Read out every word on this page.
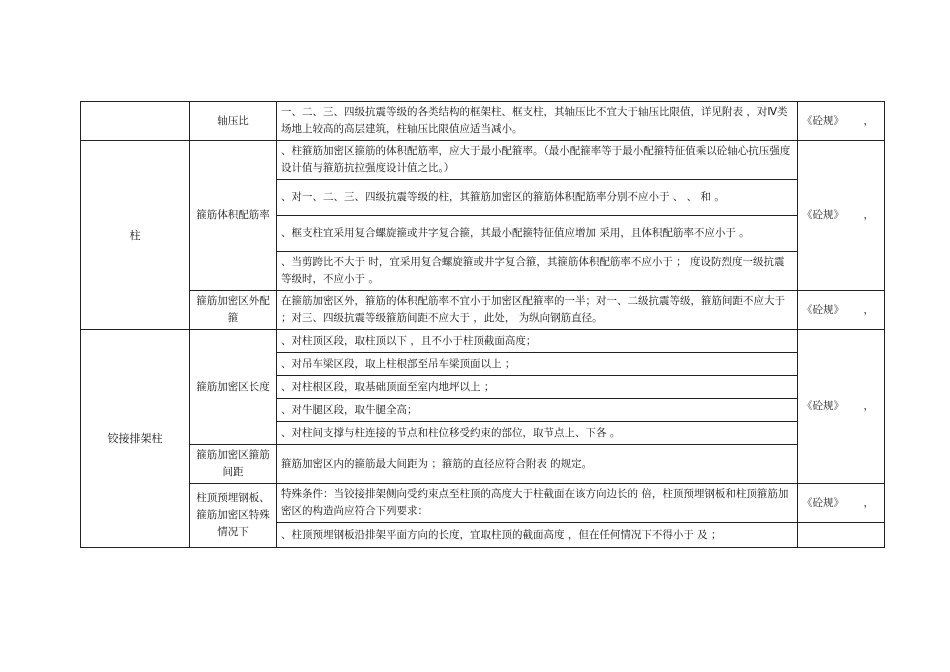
	轴压比	一、二、三、四级抗震等级的各类结构的框架柱、框支柱，其轴压比不宜大于轴压比限值，详见附表 ，对Ⅳ类场地上较高的高层建筑，柱轴压比限值应适当减小。	《砼规》 ，

柱	箍筋体积配筋率	、柱箍筋加密区箍筋的体积配筋率，应大于最小配箍率。（最小配箍率等于最小配箍特征值乘以砼轴心抗压强度设计值与箍筋抗拉强度设计值之比。）	《砼规》 ，

		、对一、二、三、四级抗震等级的柱，其箍筋加密区的箍筋体积配筋率分别不应小于 、 、 和 。	
		、框支柱宜采用复合螺旋箍或井字复合箍，其最小配箍特征值应增加 采用，且体积配筋率不应小于 。	
		、当剪跨比不大于 时，宜采用复合螺旋箍或井字复合箍，其箍筋体积配筋率不应小于 ； 度设防烈度一级抗震等级时，不应小于 。	
	箍筋加密区外配箍	在箍筋加密区外，箍筋的体积配筋率不宜小于加密区配箍率的一半；对一、二级抗震等级，箍筋间距不应大于 ；对三、四级抗震等级箍筋间距不应大于 ，此处， 为纵向钢筋直径。	《砼规》 ，

铰接排架柱	箍筋加密区长度	、对柱顶区段，取柱顶以下 ，且不小于柱顶截面高度；	《砼规》 ，

		、对吊车梁区段，取上柱根部至吊车梁顶面以上 ；	
		、对柱根区段，取基础顶面至室内地坪以上 ；	
		、对牛腿区段，取牛腿全高；	
		、对柱间支撑与柱连接的节点和柱位移受约束的部位，取节点上、下各 。	
	箍筋加密区箍筋间距	箍筋加密区内的箍筋最大间距为 ；箍筋的直径应符合附表 的规定。	
	柱顶预埋钢板、箍筋加密区特殊情况下	特殊条件：当铰接排架侧向受约束点至柱顶的高度大于柱截面在该方向边长的 倍，柱顶预埋钢板和柱顶箍筋加密区的构造尚应符合下列要求：	《砼规》 ，

		、柱顶预埋钢板沿排架平面方向的长度，宜取柱顶的截面高度 ，但在任何情况下不得小于 及 ；	
